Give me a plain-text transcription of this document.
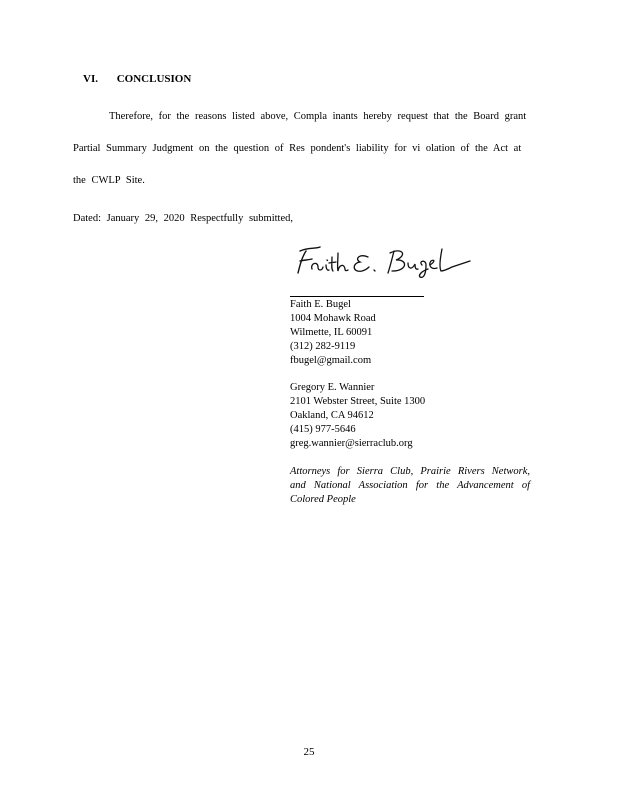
VI. CONCLUSION
Therefore, for the reasons listed above, Compla inants hereby request that the Board grant
Partial Summary Judgment on the question of Res pondent's liability for vi olation of the Act at
the CWLP Site.
Dated: January 29, 2020 Respectfully submitted,
Faith E. Bugel
1004 Mohawk Road
Wilmette, IL 60091
(312) 282-9119
fbugel@gmail.com
Gregory E. Wannier
2101 Webster Street, Suite 1300
Oakland, CA 94612
(415) 977-5646
greg.wannier@sierraclub.org
Attorneys for Sierra Club, Prairie Rivers Network,
and National Association for the Advancement of
Colored People
25
